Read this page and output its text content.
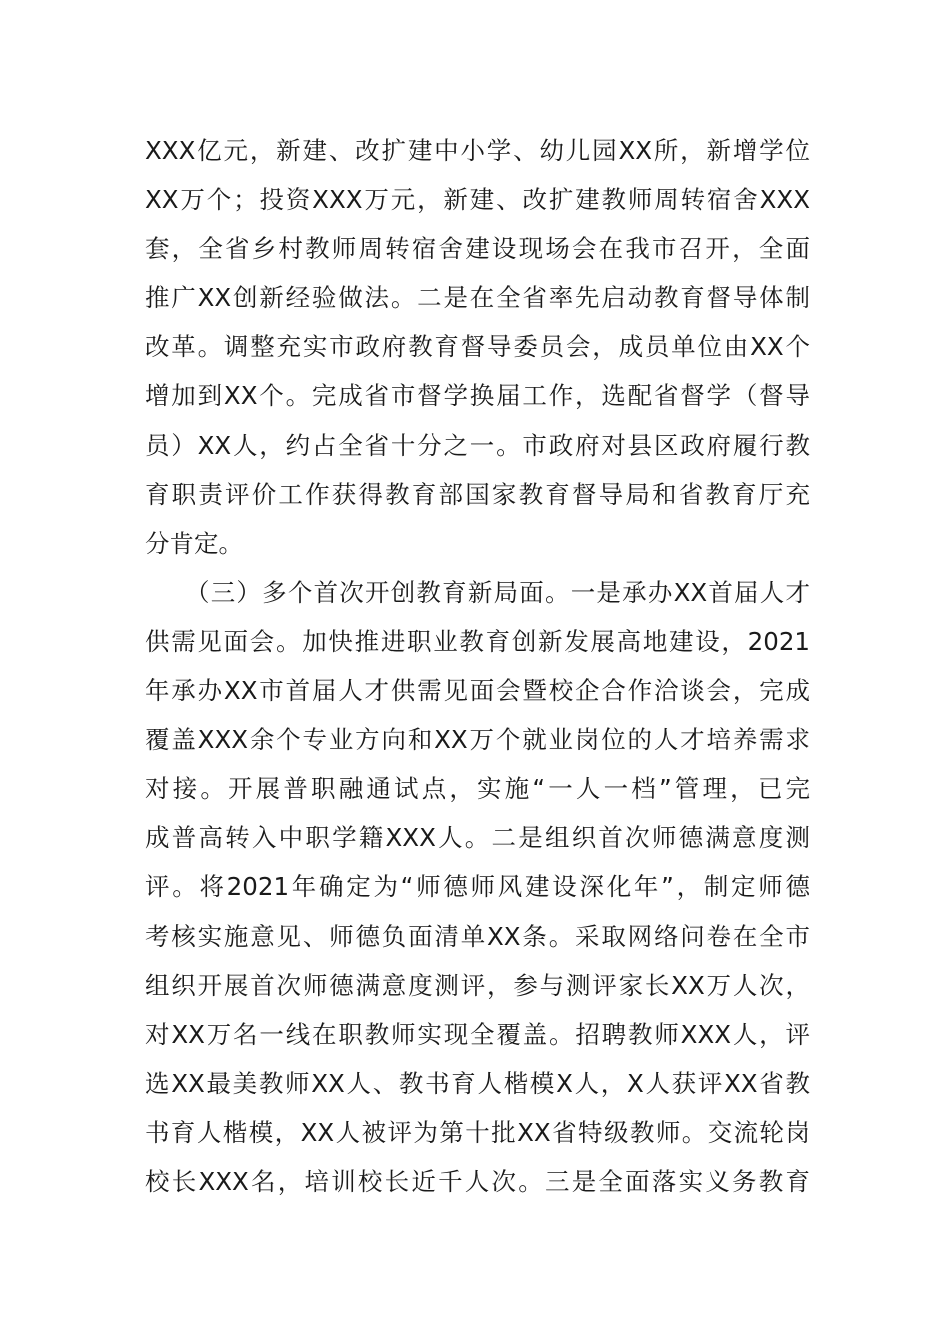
XXX亿元，新建、改扩建中小学、幼儿园XX所，新增学位
XX万个；投资XXX万元，新建、改扩建教师周转宿舍XXX
套，全省乡村教师周转宿舍建设现场会在我市召开，全面
推广XX创新经验做法。二是在全省率先启动教育督导体制
改革。调整充实市政府教育督导委员会，成员单位由XX个
增加到XX个。完成省市督学换届工作，选配省督学（督导
员）XX人，约占全省十分之一。市政府对县区政府履行教
育职责评价工作获得教育部国家教育督导局和省教育厅充
分肯定。
（三）多个首次开创教育新局面。一是承办XX首届人才
供需见面会。加快推进职业教育创新发展高地建设，2021
年承办XX市首届人才供需见面会暨校企合作洽谈会，完成
覆盖XXX余个专业方向和XX万个就业岗位的人才培养需求
对接。开展普职融通试点，实施“一人一档”管理，已完
成普高转入中职学籍XXX人。二是组织首次师德满意度测
评。将2021年确定为“师德师风建设深化年”，制定师德
考核实施意见、师德负面清单XX条。采取网络问卷在全市
组织开展首次师德满意度测评，参与测评家长XX万人次，
对XX万名一线在职教师实现全覆盖。招聘教师XXX人，评
选XX最美教师XX人、教书育人楷模X人，X人获评XX省教
书育人楷模，XX人被评为第十批XX省特级教师。交流轮岗
校长XXX名，培训校长近千人次。三是全面落实义务教育
